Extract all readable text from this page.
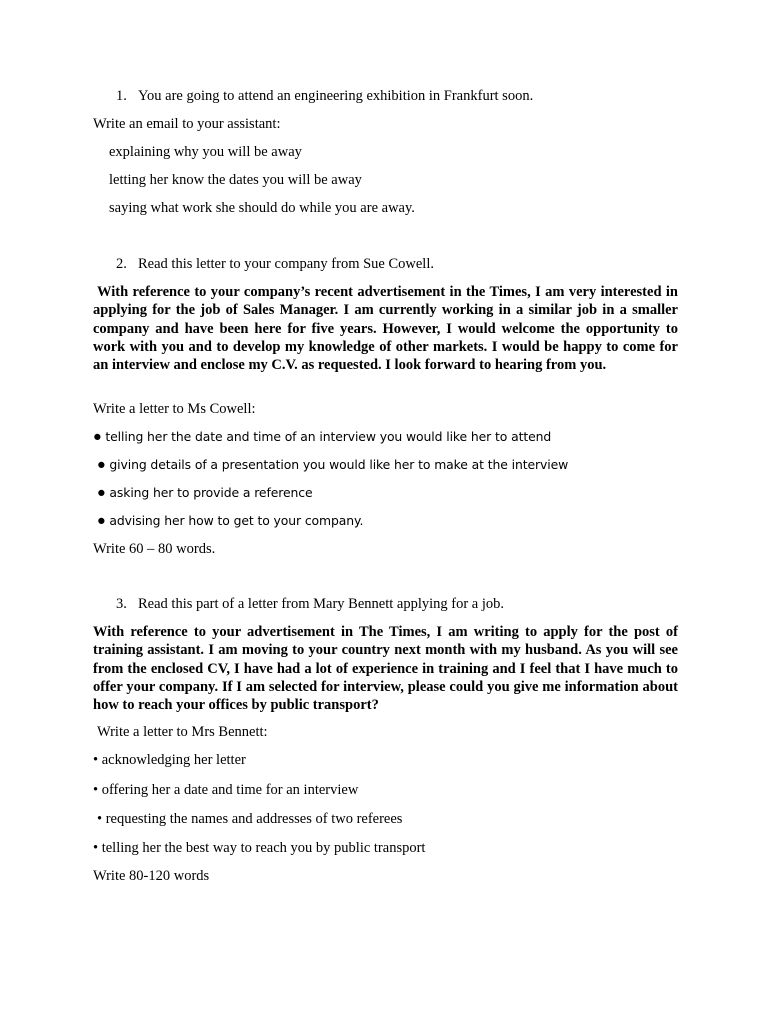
1. You are going to attend an engineering exhibition in Frankfurt soon.
Write an email to your assistant:
explaining why you will be away
letting her know the dates you will be away
saying what work she should do while you are away.
2. Read this letter to your company from Sue Cowell.
With reference to your company’s recent advertisement in the Times, I am very interested in applying for the job of Sales Manager. I am currently working in a similar job in a smaller company and have been here for five years. However, I would welcome the opportunity to work with you and to develop my knowledge of other markets. I would be happy to come for an interview and enclose my C.V. as requested. I look forward to hearing from you.
Write a letter to Ms Cowell:
● telling her the date and time of an interview you would like her to attend
● giving details of a presentation you would like her to make at the interview
● asking her to provide a reference
● advising her how to get to your company.
Write 60 – 80 words.
3. Read this part of a letter from Mary Bennett applying for a job.
With reference to your advertisement in The Times, I am writing to apply for the post of training assistant. I am moving to your country next month with my husband. As you will see from the enclosed CV, I have had a lot of experience in training and I feel that I have much to offer your company. If I am selected for interview, please could you give me information about how to reach your offices by public transport?
Write a letter to Mrs Bennett:
• acknowledging her letter
• offering her a date and time for an interview
• requesting the names and addresses of two referees
• telling her the best way to reach you by public transport
Write 80-120 words
